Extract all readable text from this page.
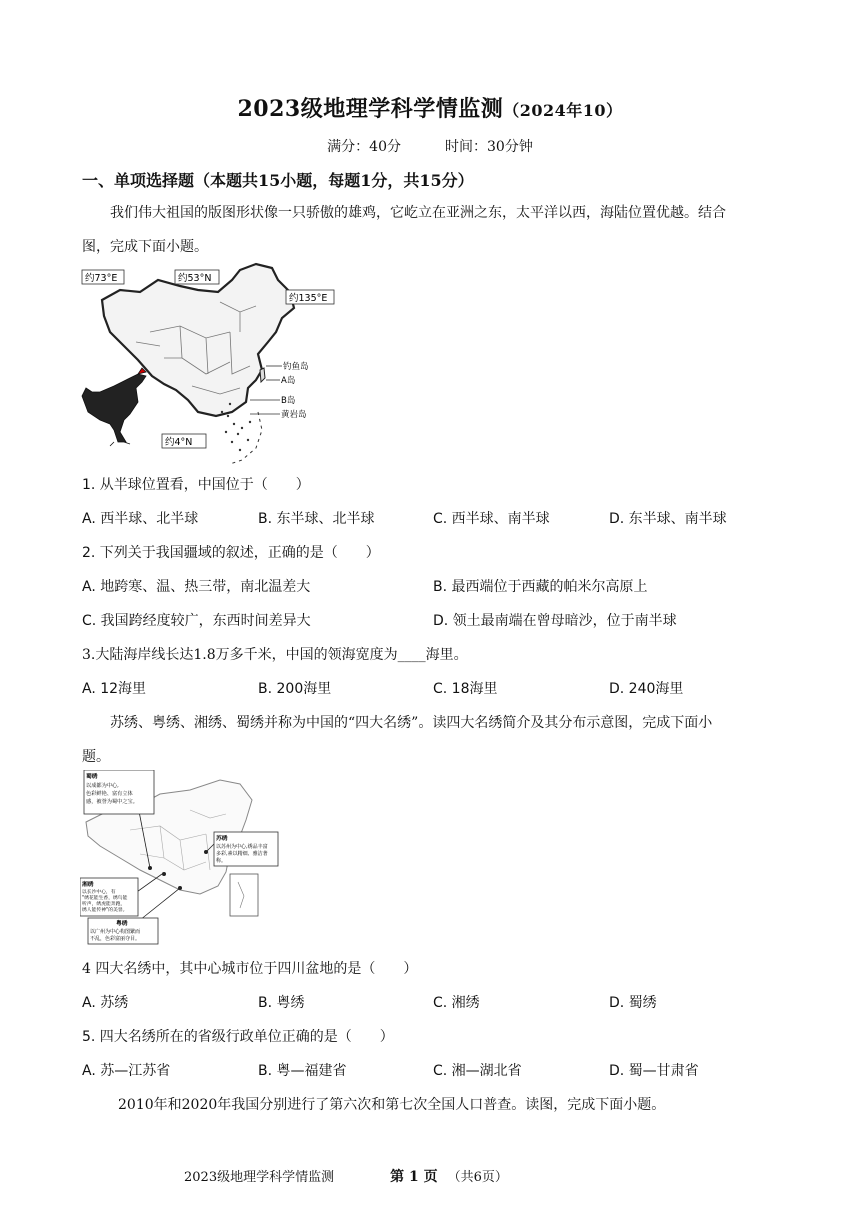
2023级地理学科学情监测（2024年10）
满分：40分	时间：30分钟
一、单项选择题（本题共15小题，每题1分，共15分）
我们伟大祖国的版图形状像一只骄傲的雄鸡，它屹立在亚洲之东，太平洋以西，海陆位置优越。结合
图，完成下面小题。
约73°E	约53°N
约135°E
约4°N
钓鱼岛
A岛
B岛
黄岩岛
1. 从半球位置看，中国位于（　　）
A. 西半球、北半球	B. 东半球、北半球	C. 西半球、南半球	D. 东半球、南半球
2. 下列关于我国疆域的叙述，正确的是（　　）
A. 地跨寒、温、热三带，南北温差大	B. 最西端位于西藏的帕米尔高原上
C. 我国跨经度较广，东西时间差异大	D. 领土最南端在曾母暗沙，位于南半球
3.大陆海岸线长达1.8万多千米，中国的领海宽度为____海里。
A. 12海里	B. 200海里	C. 18海里	D. 240海里
苏绣、粤绣、湘绣、蜀绣并称为中国的“四大名绣”。读四大名绣简介及其分布示意图，完成下面小
题。
蜀绣
以成都为中心,
色彩鲜艳、富有立体
感，被誉为蜀中之宝。
苏绣
以苏州为中心,绣品丰富
多彩,素以精细、雅洁著
称。
湘绣
以长沙中心，有
"绣花能生香，绣鸟能
听声，绣虎能奔跑，
绣人能传神"的美誉。
粤绣
以广州为中心构图繁而
不乱，色彩富丽夺目。
4 四大名绣中，其中心城市位于四川盆地的是（　　）
A. 苏绣	B. 粤绣	C. 湘绣	D. 蜀绣
5. 四大名绣所在的省级行政单位正确的是（　　）
A. 苏—江苏省	B. 粤—福建省	C. 湘—湖北省	D. 蜀—甘肃省
2010年和2020年我国分别进行了第六次和第七次全国人口普查。读图，完成下面小题。
2023级地理学科学情监测	第 1 页 （共6页）
